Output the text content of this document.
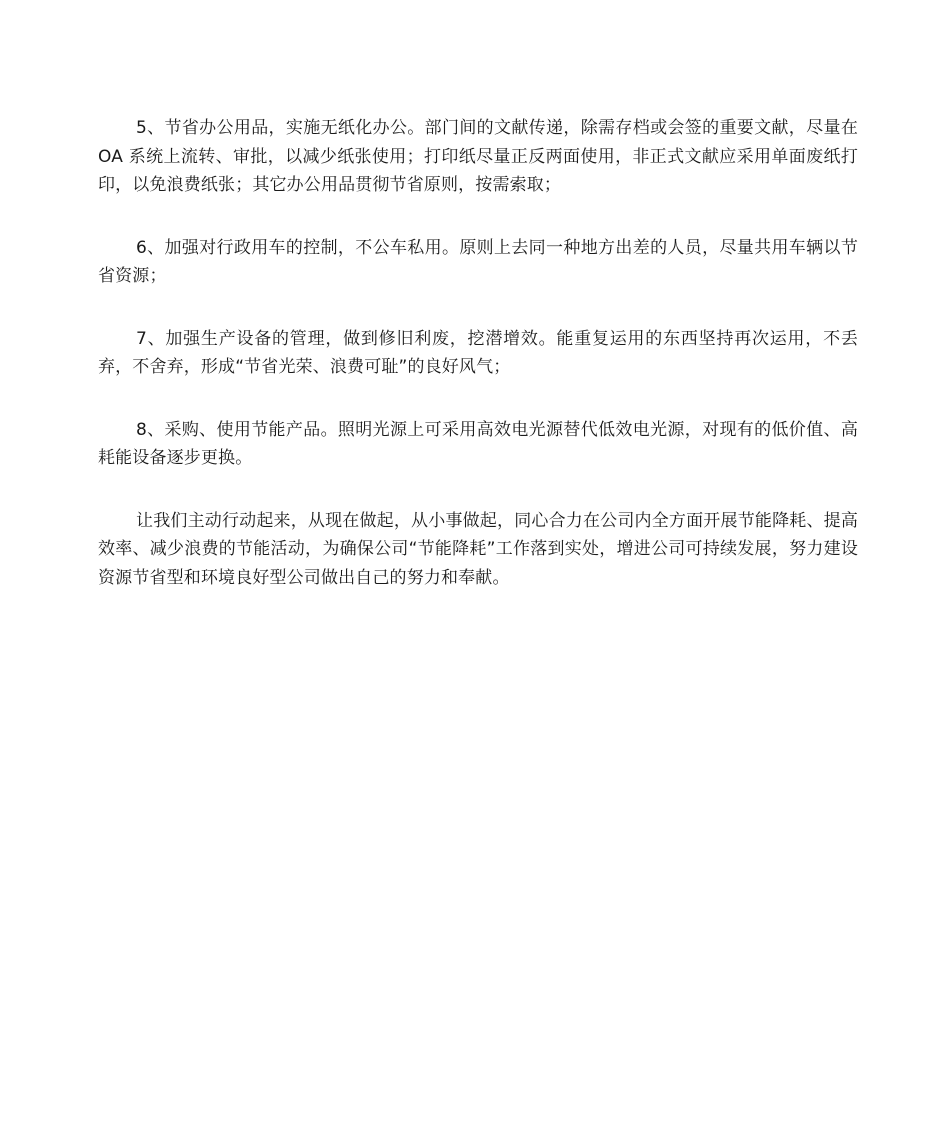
5、节省办公用品，实施无纸化办公。部门间的文献传递，除需存档或会签的重要文献，尽量在 OA 系统上流转、审批，以减少纸张使用；打印纸尽量正反两面使用，非正式文献应采用单面废纸打印，以免浪费纸张；其它办公用品贯彻节省原则，按需索取；

6、加强对行政用车的控制，不公车私用。原则上去同一种地方出差的人员，尽量共用车辆以节省资源；

7、加强生产设备的管理，做到修旧利废，挖潜增效。能重复运用的东西坚持再次运用，不丢弃，不舍弃，形成“节省光荣、浪费可耻”的良好风气；

8、采购、使用节能产品。照明光源上可采用高效电光源替代低效电光源，对现有的低价值、高耗能设备逐步更换。

让我们主动行动起来，从现在做起，从小事做起，同心合力在公司内全方面开展节能降耗、提高效率、减少浪费的节能活动，为确保公司“节能降耗”工作落到实处，增进公司可持续发展，努力建设资源节省型和环境良好型公司做出自己的努力和奉献。
